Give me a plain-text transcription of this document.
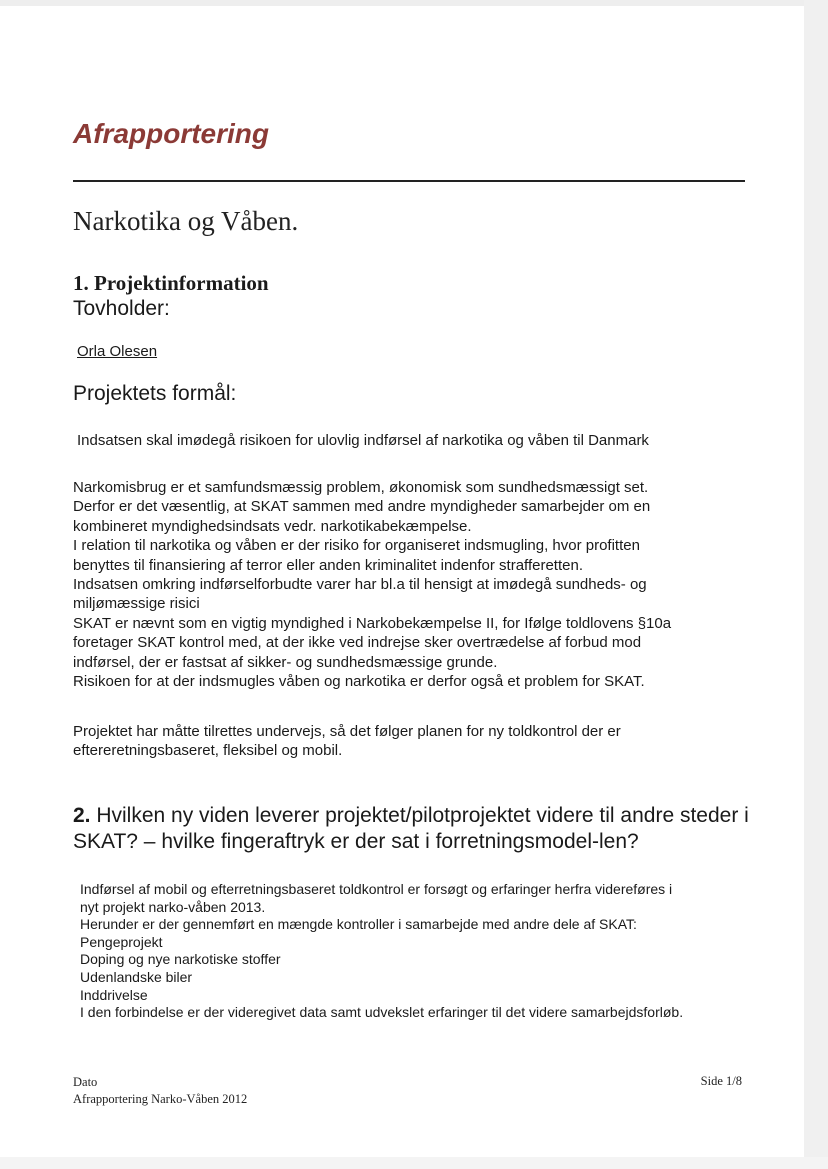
Afrapportering
Narkotika og Våben.
1. Projektinformation
Tovholder:
Orla Olesen
Projektets formål:
Indsatsen skal imødegå risikoen for ulovlig indførsel af narkotika og våben til Danmark

Narkomisbrug er et samfundsmæssig problem, økonomisk som sundhedsmæssigt set.

Derfor er det væsentlig, at SKAT sammen med andre myndigheder samarbejder om en

kombineret myndighedsindsats vedr. narkotikabekæmpelse.

I relation til narkotika og våben er der risiko for organiseret indsmugling, hvor profitten

benyttes til finansiering af terror eller anden kriminalitet indenfor strafferetten.

Indsatsen omkring indførselforbudte varer har bl.a til hensigt at imødegå sundheds- og

miljømæssige risici

SKAT er nævnt som en vigtig myndighed i Narkobekæmpelse II, for Ifølge toldlovens §10a

foretager SKAT kontrol med, at der ikke ved indrejse sker overtrædelse af forbud mod

indførsel, der er fastsat af sikker- og sundhedsmæssige grunde.

Risikoen for at der indsmugles våben og narkotika er derfor også et problem for SKAT.

Projektet har måtte tilrettes undervejs, så det følger planen for ny toldkontrol der er

eftereretningsbaseret, fleksibel og mobil.

2. Hvilken ny viden leverer projektet/pilotprojektet videre til andre steder i SKAT? – hvilke fingeraftryk er der sat i forretningsmodel-len?

Indførsel af mobil og efterretningsbaseret toldkontrol er forsøgt og erfaringer herfra videreføres i

nyt projekt narko-våben 2013.

Herunder er der gennemført en mængde kontroller i samarbejde med andre dele af SKAT:

Pengeprojekt

Doping og nye narkotiske stoffer

Udenlandske biler

Inddrivelse

I den forbindelse er der videregivet data samt udvekslet erfaringer til det videre samarbejdsforløb.

Dato
Afrapportering Narko-Våben 2012
Side 1/8
